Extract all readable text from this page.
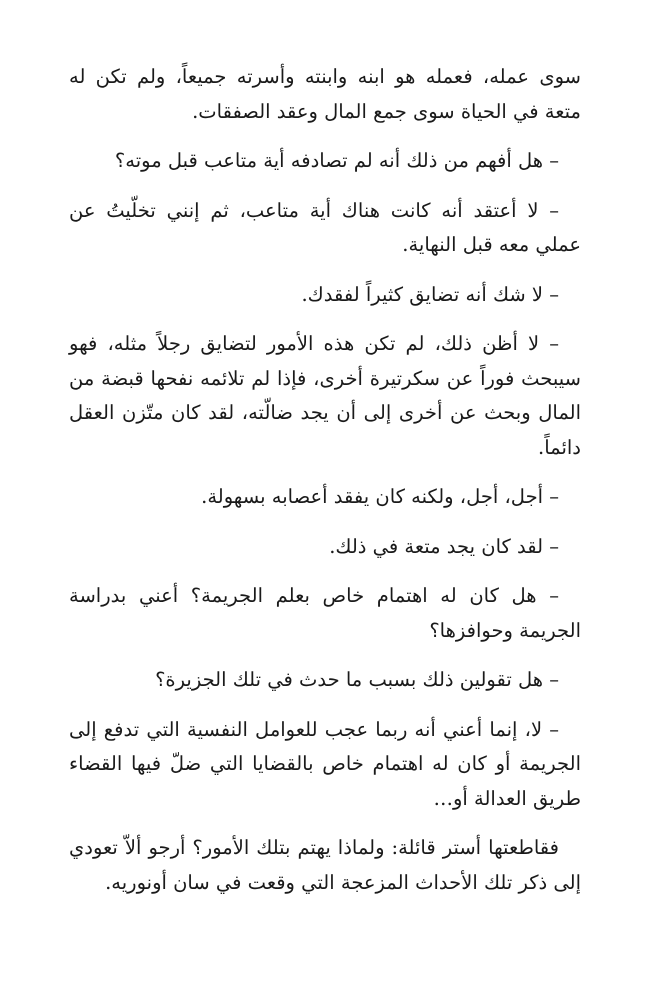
سوى عمله، فعمله هو ابنه وابنته وأسرته جميعاً، ولم تكن له متعة في الحياة سوى جمع المال وعقد الصفقات.

– هل أفهم من ذلك أنه لم تصادفه أية متاعب قبل موته؟

– لا أعتقد أنه كانت هناك أية متاعب، ثم إنني تخلّيتُ عن عملي معه قبل النهاية.

– لا شك أنه تضايق كثيراً لفقدك.

– لا أظن ذلك، لم تكن هذه الأمور لتضايق رجلاً مثله، فهو سيبحث فوراً عن سكرتيرة أخرى، فإذا لم تلائمه نفحها قبضة من المال وبحث عن أخرى إلى أن يجد ضالّته، لقد كان متّزن العقل دائماً.

– أجل، أجل، ولكنه كان يفقد أعصابه بسهولة.

– لقد كان يجد متعة في ذلك.

– هل كان له اهتمام خاص بعلم الجريمة؟ أعني بدراسة الجريمة وحوافزها؟

– هل تقولين ذلك بسبب ما حدث في تلك الجزيرة؟

– لا، إنما أعني أنه ربما عجب للعوامل النفسية التي تدفع إلى الجريمة أو كان له اهتمام خاص بالقضايا التي ضلّ فيها القضاء طريق العدالة أو…

فقاطعتها أستر قائلة: ولماذا يهتم بتلك الأمور؟ أرجو ألاّ تعودي إلى ذكر تلك الأحداث المزعجة التي وقعت في سان أونوريه.
